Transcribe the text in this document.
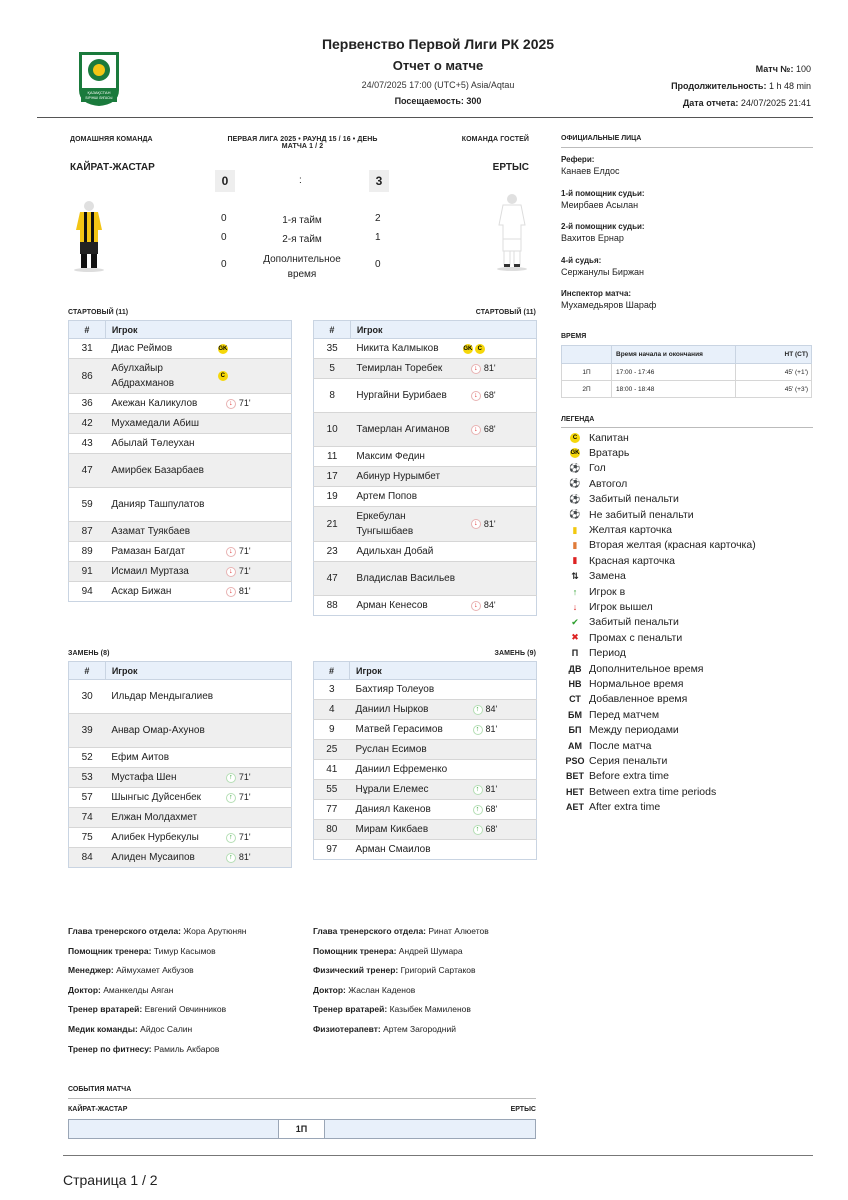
ҚАЗАҚСТАН
БІРІНШІ ЛИГАСЫ
Первенство Первой Лиги РК 2025
Отчет о матче
24/07/2025 17:00 (UTC+5) Asia/Aqtau
Посещаемость: 300
Матч №: 100
Продолжительность: 1 h 48 min
Дата отчета: 24/07/2025 21:41
ДОМАШНЯЯ КОМАНДА	ПЕРВАЯ ЛИГА 2025 • РАУНД 15 / 16 • ДЕНЬ
МАТЧА 1 / 2
КОМАНДА ГОСТЕЙ
КАЙРАТ-ЖАСТАР	ЕРТЫС
0	:	3
0	1-я тайм	2
0	2-я тайм	1
0	Дополнительное время
0
СТАРТОВЫЙ (11)	СТАРТОВЫЙ (11)
#	Игрок	
31	Диас Реймов	GK
86	Абулхайыр Абдрахманов	C
36	Акежан Каликулов	↓ 71'
42	Мухамедали Абиш	
43	Абылай Төлеухан	
47	Амирбек Базарбаев	
59	Данияр Ташпулатов	
87	Азамат Туякбаев	
89	Рамазан Багдат	↓ 71'
91	Исмаил Муртаза	↓ 71'
94	Аскар Бижан	↓ 81'
#	Игрок	
35	Никита Калмыков	GK C
5	Темирлан Торебек	↓ 81'
8	Нургайни Бурибаев	↓ 68'
10	Тамерлан Агиманов	↓ 68'
11	Максим Федин	
17	Абинур Нурымбет	
19	Артем Попов	
21	Еркебулан Тунгышбаев	↓ 81'
23	Адильхан Добай	
47	Владислав Васильев	
88	Арман Кенесов	↓ 84'
ЗАМЕНЬ (8)	ЗАМЕНЬ (9)
#	Игрок	
30	Ильдар Мендыгалиев	
39	Анвар Омар-Ахунов	
52	Ефим Аитов	
53	Мустафа Шен	↑ 71'
57	Шынгыс Дуйсенбек	↑ 71'
74	Елжан Молдахмет	
75	Алибек Нурбекулы	↑ 71'
84	Алиден Мусаипов	↑ 81'
#	Игрок	
3	Бахтияр Толеуов	
4	Даниил Нырков	↑ 84'
9	Матвей Герасимов	↑ 81'
25	Руслан Есимов	
41	Даниил Ефременко	
55	Нұрали Елемес	↑ 81'
77	Даниял Какенов	↑ 68'
80	Мирам Кикбаев	↑ 68'
97	Арман Смаилов	
ОФИЦИАЛЬНЫЕ ЛИЦА
Рефери:
Канаев Елдос
1-й помощник судьи:
Меирбаев Асылан
2-й помощник судьи:
Вахитов Ернар
4-й судья:
Сержанулы Биржан
Инспектор матча:
Мухамедьяров Шараф
ВРЕМЯ
	Время начала и окончания	HT (CT)
1П	17:00 - 17:46	45' (+1')
2П	18:00 - 18:48	45' (+3')
ЛЕГЕНДА
C	Капитан
GK Вратарь
⚽ Гол
⚽ Автогол
⚽ Забитый пенальти
⚽ Не забитый пенальти
▮	Желтая карточка
▮	Вторая желтая (красная карточка)
▮	Красная карточка
⇅ Замена
↑	Игрок в
↓	Игрок вышел
✔ Забитый пенальти
✖ Промах с пенальти
П	Период
ДВ Дополнительное время
НВ Нормальное время
СТ Добавленное время
БМ Перед матчем
БП Между периодами
АМ После матча
PSO Серия пенальти
BET Before extra time
HET Between extra time periods
AET After extra time
Глава тренерского отдела: Жора Арутюнян
Помощник тренера: Тимур Касымов
Менеджер: Аймухамет Акбузов
Доктор: Аманкелды Аяган
Тренер вратарей: Евгений Овчинников
Медик команды: Айдос Салин
Тренер по фитнесу: Рамиль Акбаров
Глава тренерского отдела: Ринат Алюетов
Помощник тренера: Андрей Шумара
Физический тренер: Григорий Сартаков
Доктор: Жаслан Каденов
Тренер вратарей: Казыбек Мамиленов
Физиотерапевт: Артем Загородний
СОБЫТИЯ МАТЧА
КАЙРАТ-ЖАСТАР	ЕРТЫС
1П
Страница 1 / 2
